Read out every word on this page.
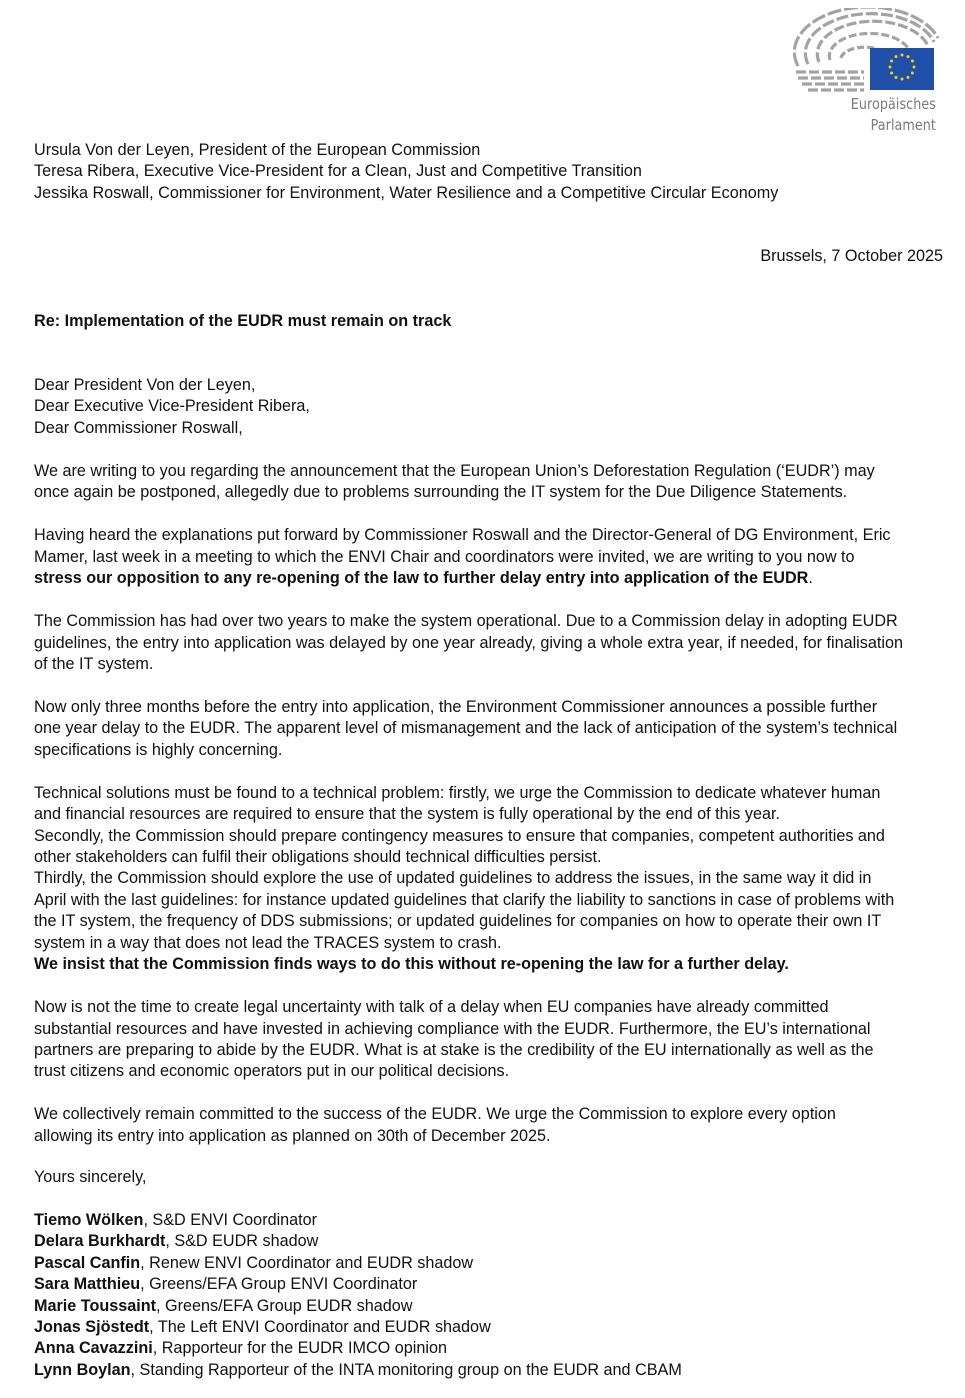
Europäisches Parlament
Ursula Von der Leyen, President of the European Commission
Teresa Ribera, Executive Vice-President for a Clean, Just and Competitive Transition
Jessika Roswall, Commissioner for Environment, Water Resilience and a Competitive Circular Economy
Brussels, 7 October 2025
Re: Implementation of the EUDR must remain on track
Dear President Von der Leyen,
Dear Executive Vice-President Ribera,
Dear Commissioner Roswall,
We are writing to you regarding the announcement that the European Union’s Deforestation Regulation (‘EUDR’) may
once again be postponed, allegedly due to problems surrounding the IT system for the Due Diligence Statements.
Having heard the explanations put forward by Commissioner Roswall and the Director-General of DG Environment, Eric
Mamer, last week in a meeting to which the ENVI Chair and coordinators were invited, we are writing to you now to
stress our opposition to any re-opening of the law to further delay entry into application of the EUDR.
The Commission has had over two years to make the system operational. Due to a Commission delay in adopting EUDR
guidelines, the entry into application was delayed by one year already, giving a whole extra year, if needed, for finalisation
of the IT system.
Now only three months before the entry into application, the Environment Commissioner announces a possible further
one year delay to the EUDR. The apparent level of mismanagement and the lack of anticipation of the system’s technical
specifications is highly concerning.
Technical solutions must be found to a technical problem: firstly, we urge the Commission to dedicate whatever human
and financial resources are required to ensure that the system is fully operational by the end of this year.
Secondly, the Commission should prepare contingency measures to ensure that companies, competent authorities and
other stakeholders can fulfil their obligations should technical difficulties persist.
Thirdly, the Commission should explore the use of updated guidelines to address the issues, in the same way it did in
April with the last guidelines: for instance updated guidelines that clarify the liability to sanctions in case of problems with
the IT system, the frequency of DDS submissions; or updated guidelines for companies on how to operate their own IT
system in a way that does not lead the TRACES system to crash.
We insist that the Commission finds ways to do this without re-opening the law for a further delay.
Now is not the time to create legal uncertainty with talk of a delay when EU companies have already committed
substantial resources and have invested in achieving compliance with the EUDR. Furthermore, the EU’s international
partners are preparing to abide by the EUDR. What is at stake is the credibility of the EU internationally as well as the
trust citizens and economic operators put in our political decisions.
We collectively remain committed to the success of the EUDR. We urge the Commission to explore every option
allowing its entry into application as planned on 30th of December 2025.
Yours sincerely,
Tiemo Wölken, S&D ENVI Coordinator
Delara Burkhardt, S&D EUDR shadow
Pascal Canfin, Renew ENVI Coordinator and EUDR shadow
Sara Matthieu, Greens/EFA Group ENVI Coordinator
Marie Toussaint, Greens/EFA Group EUDR shadow
Jonas Sjöstedt, The Left ENVI Coordinator and EUDR shadow
Anna Cavazzini, Rapporteur for the EUDR IMCO opinion
Lynn Boylan, Standing Rapporteur of the INTA monitoring group on the EUDR and CBAM
